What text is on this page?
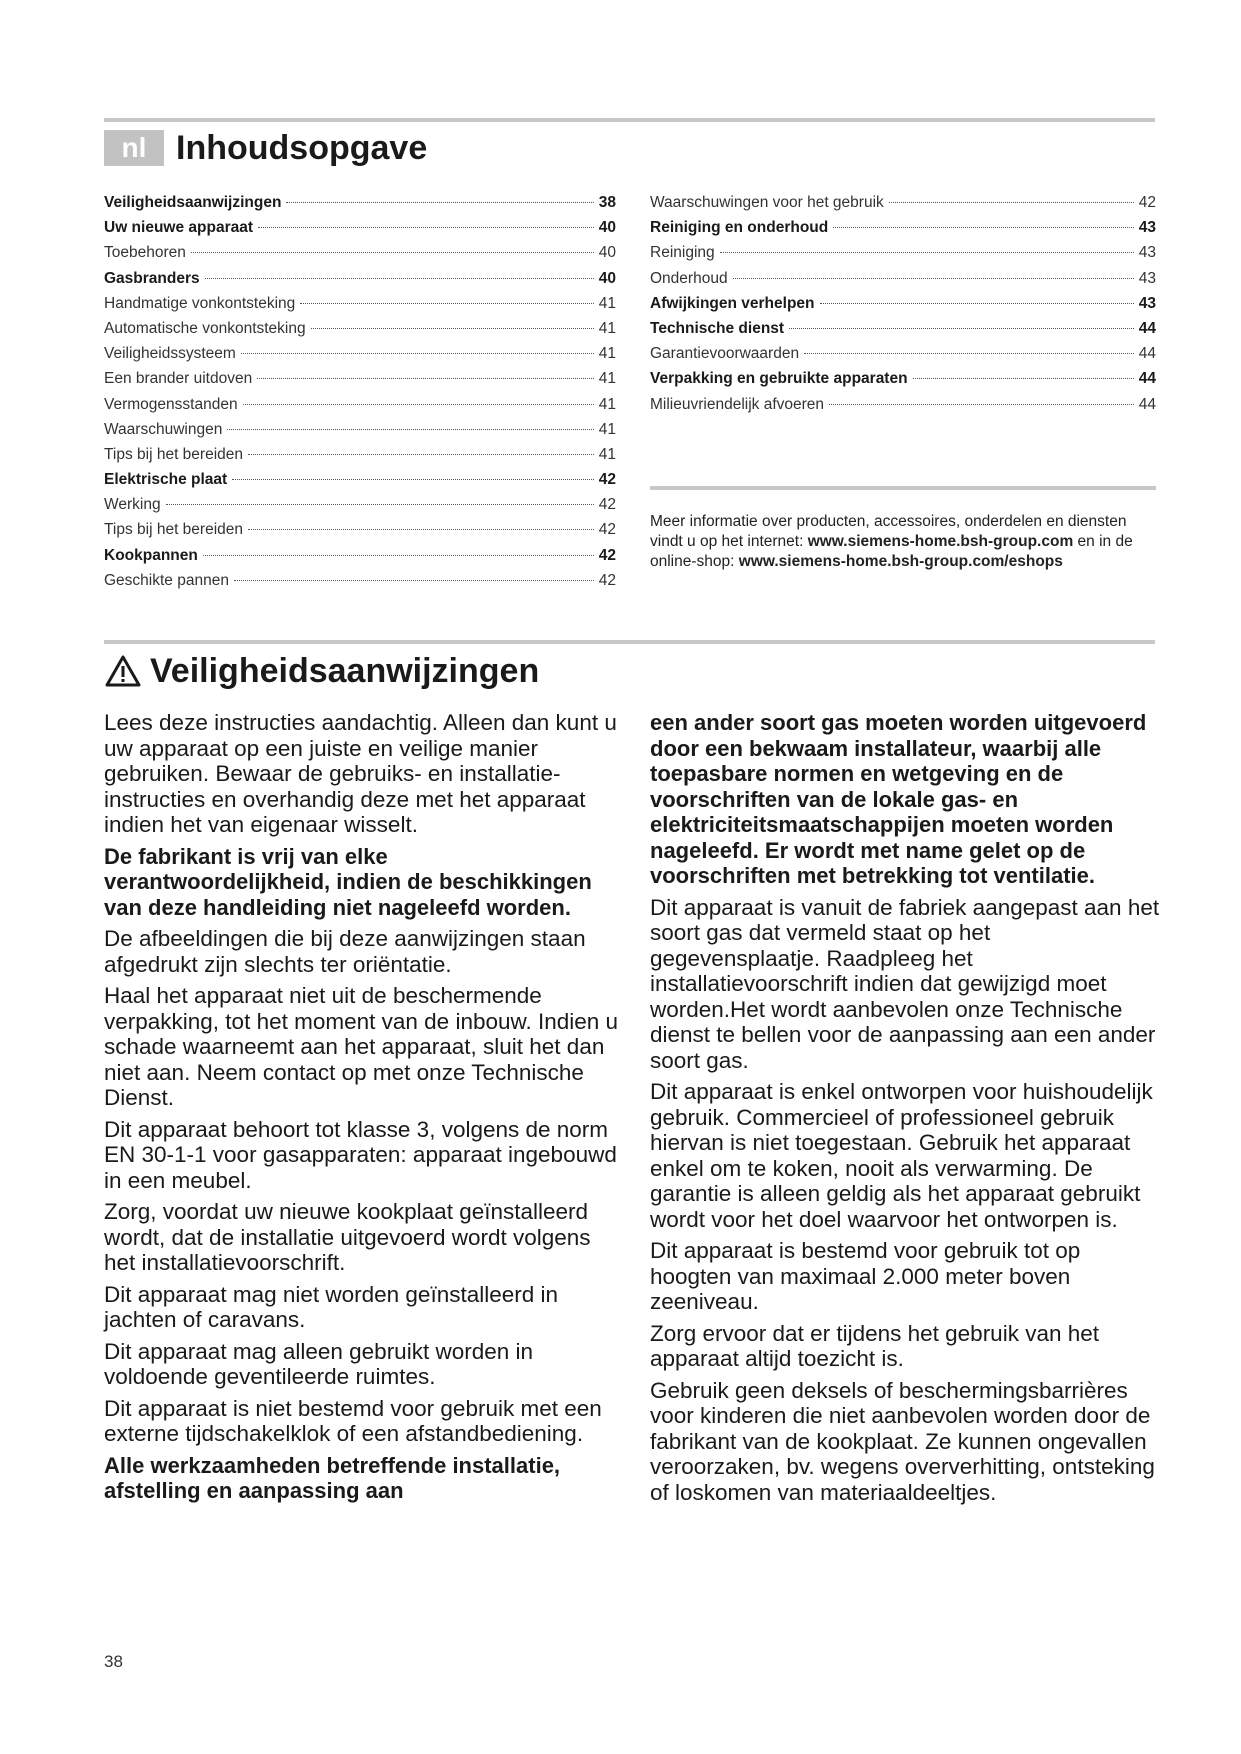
nl Inhoudsopgave
Veiligheidsaanwijzingen	38
Uw nieuwe apparaat	40
Toebehoren	40
Gasbranders	40
Handmatige vonkontsteking	41
Automatische vonkontsteking	41
Veiligheidssysteem	41
Een brander uitdoven	41
Vermogensstanden	41
Waarschuwingen	41
Tips bij het bereiden	41
Elektrische plaat	42
Werking	42
Tips bij het bereiden	42
Kookpannen	42
Geschikte pannen	42
Waarschuwingen voor het gebruik	42
Reiniging en onderhoud	43
Reiniging	43
Onderhoud	43
Afwijkingen verhelpen	43
Technische dienst	44
Garantievoorwaarden	44
Verpakking en gebruikte apparaten	44
Milieuvriendelijk afvoeren	44

Meer informatie over producten, accessoires, onderdelen en diensten vindt u op het internet: www.siemens-home.bsh-group.com en in de online-shop: www.siemens-home.bsh-group.com/eshops

Veiligheidsaanwijzingen

Lees deze instructies aandachtig. Alleen dan kunt u uw apparaat op een juiste en veilige manier gebruiken. Bewaar de gebruiks- en installatie-instructies en overhandig deze met het apparaat indien het van eigenaar wisselt.

De fabrikant is vrij van elke verantwoordelijkheid, indien de beschikkingen van deze handleiding niet nageleefd worden.

De afbeeldingen die bij deze aanwijzingen staan afgedrukt zijn slechts ter oriëntatie.

Haal het apparaat niet uit de beschermende verpakking, tot het moment van de inbouw. Indien u schade waarneemt aan het apparaat, sluit het dan niet aan. Neem contact op met onze Technische Dienst.

Dit apparaat behoort tot klasse 3, volgens de norm EN 30-1-1 voor gasapparaten: apparaat ingebouwd in een meubel.

Zorg, voordat uw nieuwe kookplaat geïnstalleerd wordt, dat de installatie uitgevoerd wordt volgens het installatievoorschrift.

Dit apparaat mag niet worden geïnstalleerd in jachten of caravans.

Dit apparaat mag alleen gebruikt worden in voldoende geventileerde ruimtes.

Dit apparaat is niet bestemd voor gebruik met een externe tijdschakelklok of een afstandbediening.

Alle werkzaamheden betreffende installatie, afstelling en aanpassing aan

een ander soort gas moeten worden uitgevoerd door een bekwaam installateur, waarbij alle toepasbare normen en wetgeving en de voorschriften van de lokale gas- en elektriciteitsmaatschappijen moeten worden nageleefd. Er wordt met name gelet op de voorschriften met betrekking tot ventilatie.

Dit apparaat is vanuit de fabriek aangepast aan het soort gas dat vermeld staat op het gegevensplaatje. Raadpleeg het installatievoorschrift indien dat gewijzigd moet worden.Het wordt aanbevolen onze Technische dienst te bellen voor de aanpassing aan een ander soort gas.

Dit apparaat is enkel ontworpen voor huishoudelijk gebruik. Commercieel of professioneel gebruik hiervan is niet toegestaan. Gebruik het apparaat enkel om te koken, nooit als verwarming. De garantie is alleen geldig als het apparaat gebruikt wordt voor het doel waarvoor het ontworpen is.

Dit apparaat is bestemd voor gebruik tot op hoogten van maximaal 2.000 meter boven zeeniveau.

Zorg ervoor dat er tijdens het gebruik van het apparaat altijd toezicht is.

Gebruik geen deksels of beschermingsbarrières voor kinderen die niet aanbevolen worden door de fabrikant van de kookplaat. Ze kunnen ongevallen veroorzaken, bv. wegens oververhitting, ontsteking of loskomen van materiaaldeeltjes.

38
